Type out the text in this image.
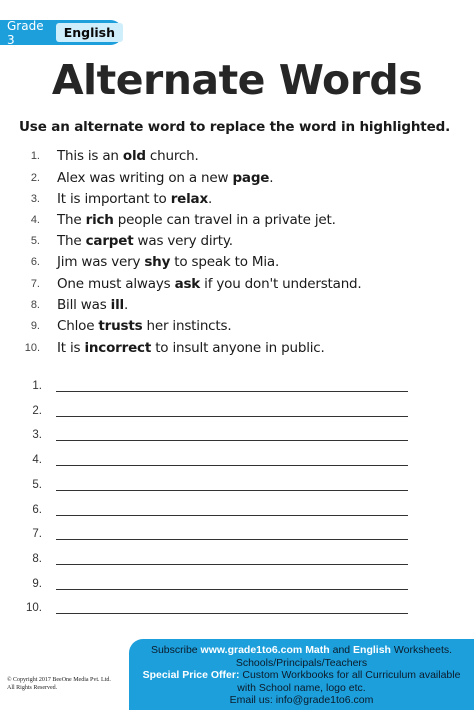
Grade 3	English
Alternate Words
Use an alternate word to replace the word in highlighted.
1. This is an old church.
2. Alex was writing on a new page.
3. It is important to relax.
4. The rich people can travel in a private jet.
5. The carpet was very dirty.
6. Jim was very shy to speak to Mia.
7. One must always ask if you don't understand.
8. Bill was ill.
9. Chloe trusts her instincts.
10. It is incorrect to insult anyone in public.
1.
2.
3.
4.
5.
6.
7.
8.
9.
10.
© Copyright 2017 BeeOne Media Pvt. Ltd.
All Rights Reserved.
Subscribe www.grade1to6.com Math and English Worksheets.
Schools/Principals/Teachers
Special Price Offer: Custom Workbooks for all Curriculum available
with School name, logo etc.
Email us: info@grade1to6.com
